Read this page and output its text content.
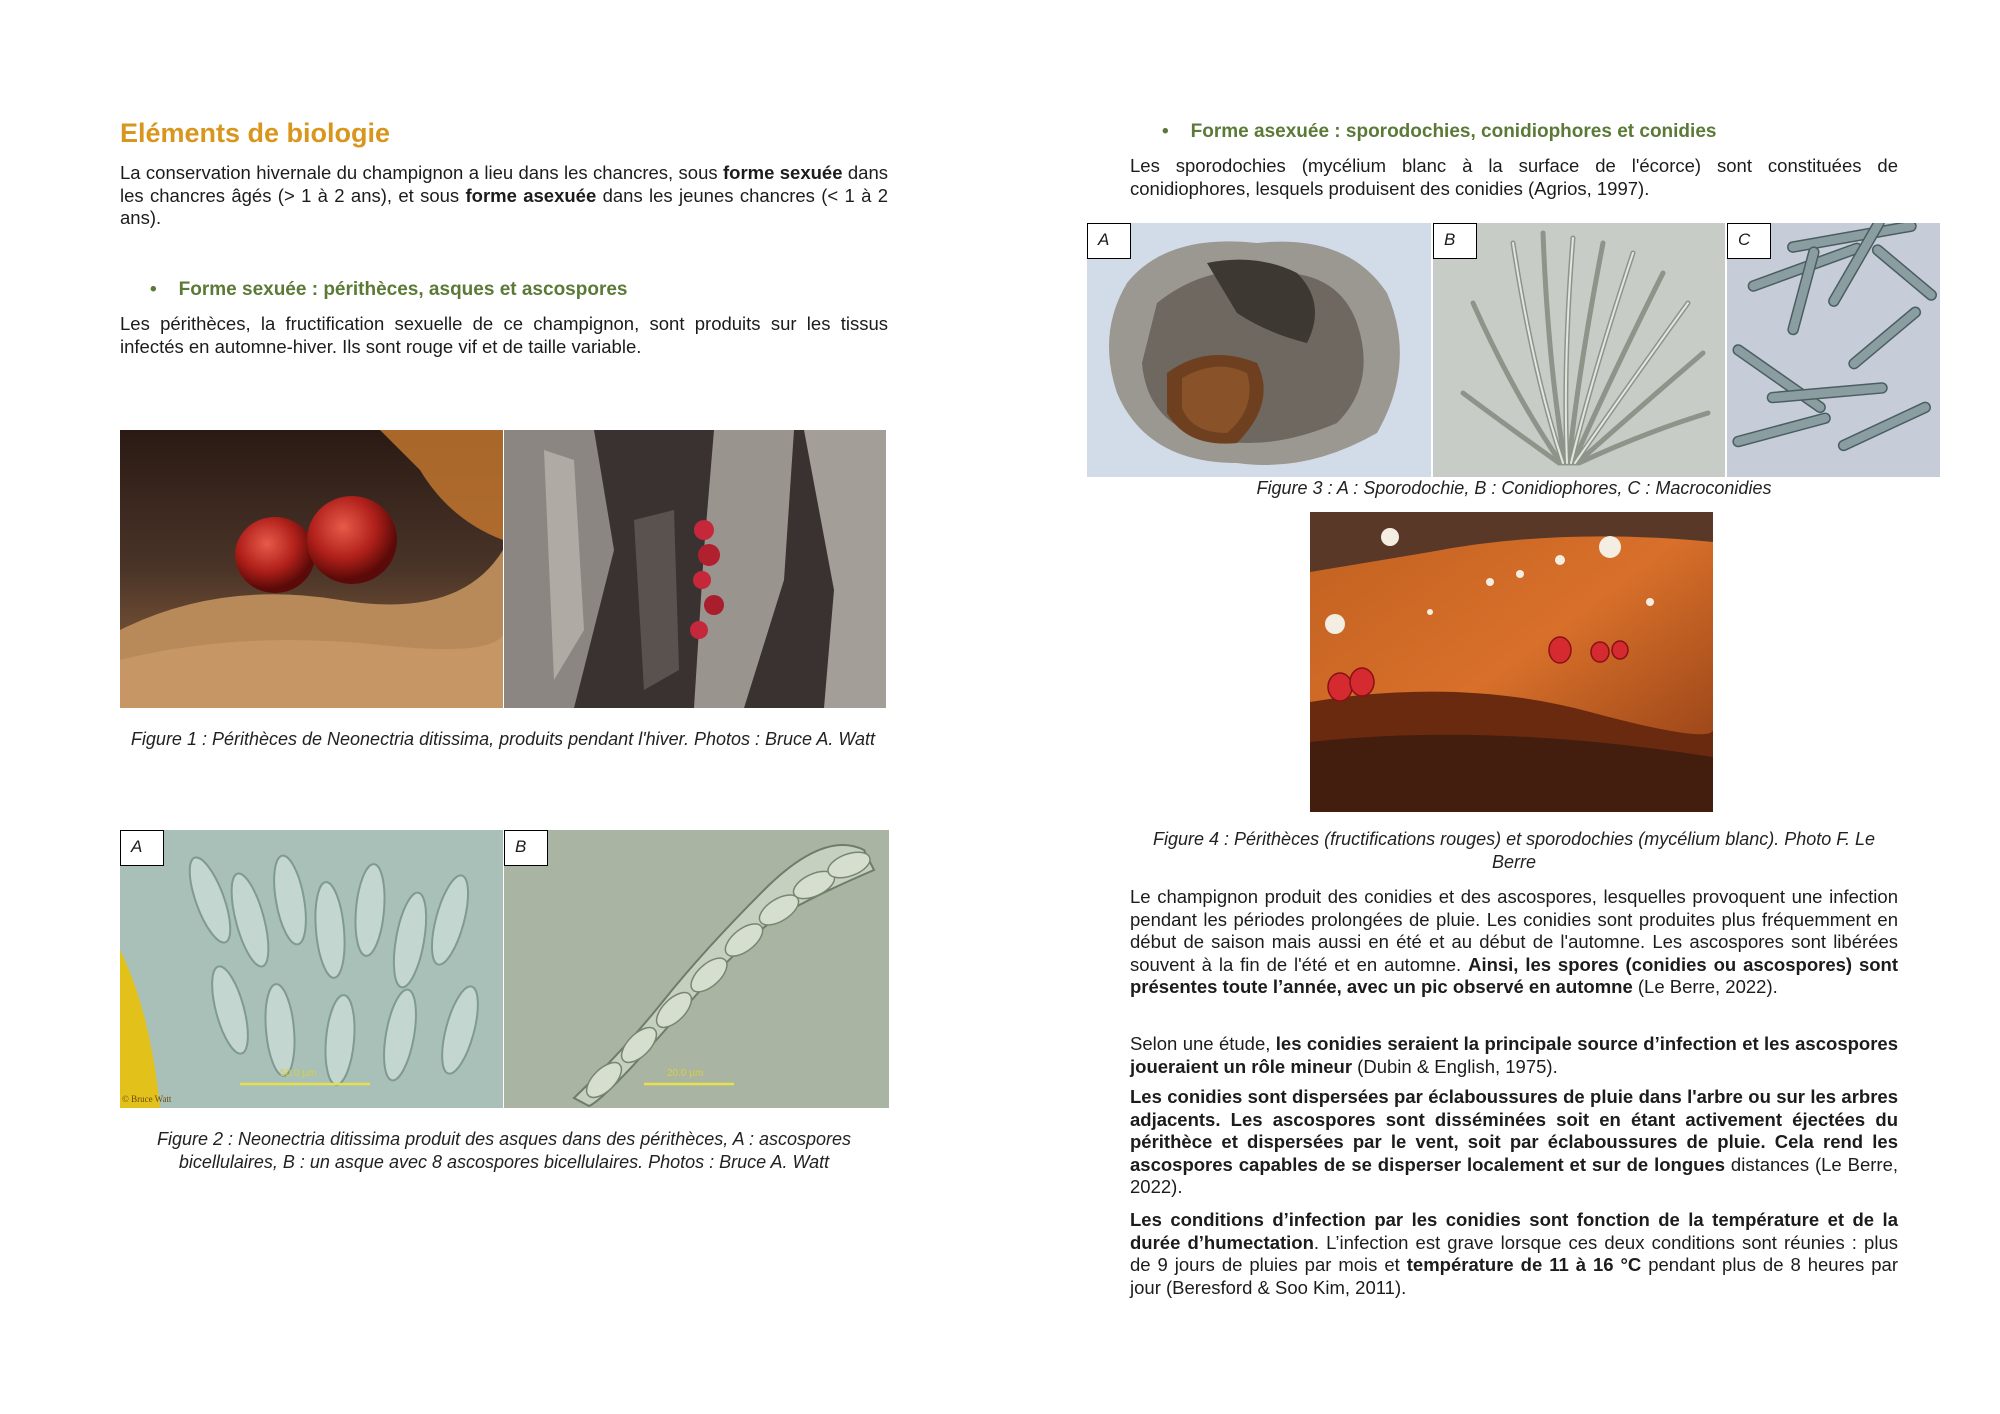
Eléments de biologie
La conservation hivernale du champignon a lieu dans les chancres, sous forme sexuée dans les chancres âgés (> 1 à 2 ans), et sous forme asexuée dans les jeunes chancres (< 1 à 2 ans).
• Forme sexuée : périthèces, asques et ascospores
Les périthèces, la fructification sexuelle de ce champignon, sont produits sur les tissus infectés en automne-hiver. Ils sont rouge vif et de taille variable.
Figure 1 : Périthèces de Neonectria ditissima, produits pendant l'hiver. Photos : Bruce A. Watt
50.0 µm
© Bruce Watt
A
20.0 µm
B
Figure 2 : Neonectria ditissima produit des asques dans des périthèces, A : ascospores bicellulaires, B : un asque avec 8 ascospores bicellulaires. Photos : Bruce A. Watt
• Forme asexuée : sporodochies, conidiophores et conidies
Les sporodochies (mycélium blanc à la surface de l'écorce) sont constituées de conidiophores, lesquels produisent des conidies (Agrios, 1997).
A	B	C
Figure 3 : A : Sporodochie, B : Conidiophores, C : Macroconidies
Figure 4 : Périthèces (fructifications rouges) et sporodochies (mycélium blanc). Photo F. Le Berre
Le champignon produit des conidies et des ascospores, lesquelles provoquent une infection pendant les périodes prolongées de pluie. Les conidies sont produites plus fréquemment en début de saison mais aussi en été et au début de l'automne. Les ascospores sont libérées souvent à la fin de l'été et en automne. Ainsi, les spores (conidies ou ascospores) sont présentes toute l’année, avec un pic observé en automne (Le Berre, 2022).
Selon une étude, les conidies seraient la principale source d’infection et les ascospores joueraient un rôle mineur (Dubin & English, 1975).
Les conidies sont dispersées par éclaboussures de pluie dans l'arbre ou sur les arbres adjacents. Les ascospores sont disséminées soit en étant activement éjectées du périthèce et dispersées par le vent, soit par éclaboussures de pluie. Cela rend les ascospores capables de se disperser localement et sur de longues distances (Le Berre, 2022).
Les conditions d’infection par les conidies sont fonction de la température et de la durée d’humectation. L’infection est grave lorsque ces deux conditions sont réunies : plus de 9 jours de pluies par mois et température de 11 à 16 °C pendant plus de 8 heures par jour (Beresford & Soo Kim, 2011).
